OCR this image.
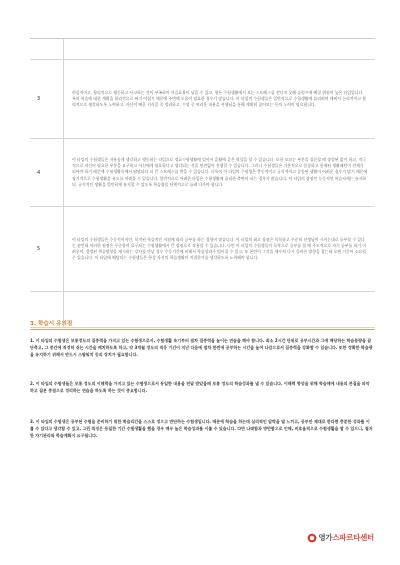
3
현실적이고, 합리적으로 행동하고 사고하는 것이 부족하며 학습효율이 낮을 수 있고, 험든 수험생활에서 오는 스트레스를 견디지 못해 슬럼프에 빠질 위험이 높은 타입입니다. 특히 학습에 대한 계획을 합리적으로 짜기 어렵기 때문에 주변에 도움이 필요한 경우가 많습니다. 이 타입의 수험생들은 일반적으로 수험생활에 몰리려며 애써서 논리적이고 합리적으로 생각하도록 노력하고, 자신이 배운 지식을 꼭 정리하고, 수업 중 여러운 내용을 선생님을 통해 계획히 질어보는 등의 노력이 필요합니다.
4
이 타입의 수험생들은 자유롭게 생각하고 행동하는 타입으로 정료수험생활에 있어서 훈활에 같은 역할을 할 수 있습니다. 또한 모르는 부분을 질문할 때 창설된 없이 하고, 적극적으로 자신이 필요한 부분을 요구하고 자신에게 필요하다고 생각되는 것을 연견없이 진행할 수 있습니다. 그러나 수험생들은 기본적으로 꼼꼼하고 통제된 생활패턴이 견제가 되어야 하기 때문에 수험생활속에서 답답되다 더 큰 스트레스를 받을 수 있습니다. 더욱이 이 타입의 수험생은 충동적이고 규칙적이고 꼼꼼된 생활이 어려운 경우가 많기 때문에 장기적으로 수험생활을 유도를 어려울 수 있습니다. 일반적으로 어려한 타입은 수험생활에 꿈리한 측면이 되는 경우가 많습니다. 이 타입의 장점인 능동적인 학습자세는 유지하되, 규칙적인 생활을 엄만하게 유지할 수 있도록 학습량을 단계적으로 늘려 나가야 합니다.
5
이 타입의 수험생들은 수동적이지만, 목적된 학습적인 지점에 따라 공부를 하는 경향이 많습니다. 이 타입의 최고 장점은 목목하고 꾸준히 선생님이 시키는대로 공부할 수 있다는 점인데 이러한 점점은 꾸준함이 요구되는 수험생활에서 큰 장점으로 작용할 수 있습니다. 다만 이 타입의 수험생들이 독학으로 공부를 할 때 주도적으로 자기 공부를 하기 어려우며, 결정된 학습방향을 제시하는 강사를 만날 경우 수동기간에 비해서 학습성과가 떨어질 수 있고, 또 본인이 그것을 깨우쳐 다시 올바른 방향을 잡는데 오랜 기간이 소요될 수 있습니다. 이 타입에 해당되는 수험생들은 항상 자신의 학습생활이 적절한가를 생각하도록 노력해야 합니다.
3. 학습시 유의점
1. 이 타입의 수험생은 보통정도의 집중력을 가지고 있는 수험생으로서, 수험생활 초기부터 점차 집중력을 높이는 연습을 해야 합니다. 최소 2시간 단위로 공부시간과 그에 해당하는 학습분량을 잘 단축고, 그 중간에 적정히 쉬는 시간을 배치하도록 하고, 약 3개월 정도의 적응 기간이 지난 다음에 점차 한번에 공부하는 시간을 높여 나감으로서 집중력을 강화할 수 있습니다. 또한 정확한 학습량을 유지하기 위해서 반드시 스탑워치 등의 장치가 필요합니다.
2. 이 타입의 수험생들은 보통 정도의 이해력을 가지고 있는 수험생으로서 동일한 내용을 전달 받았을때 보통 정도의 학습성과를 낼 수 있습니다. 이해력 향상을 위해 학습매에 내용의 본질을 파악하고 질문 중점으로 정리하는 연습을 하도록 하는 것이 중요합니다.
3. 이 타입의 수험생은 공부된 수험을 준비하기 위한 학습리간을 스스로 정으고 반단하는 수험생입니다. 때문에 학습을 하는데 심리적인 압박을 덜 느끼고, 공부만 제대로 한다면 충분한 성과를 이룰 수 있다고 생각할 수 있고, 그런 특징은 동일한 기간 수험생활을 했을 경우 매우 높은 학습성과를 이룰 수 있습니다. 다만 나태함과 방만함으로 인해, 비효율적으로 수험생활을 할 수 있으니, 철저한 자기관리와 학습계획이 요구됩니다.
영가스파르타센터
